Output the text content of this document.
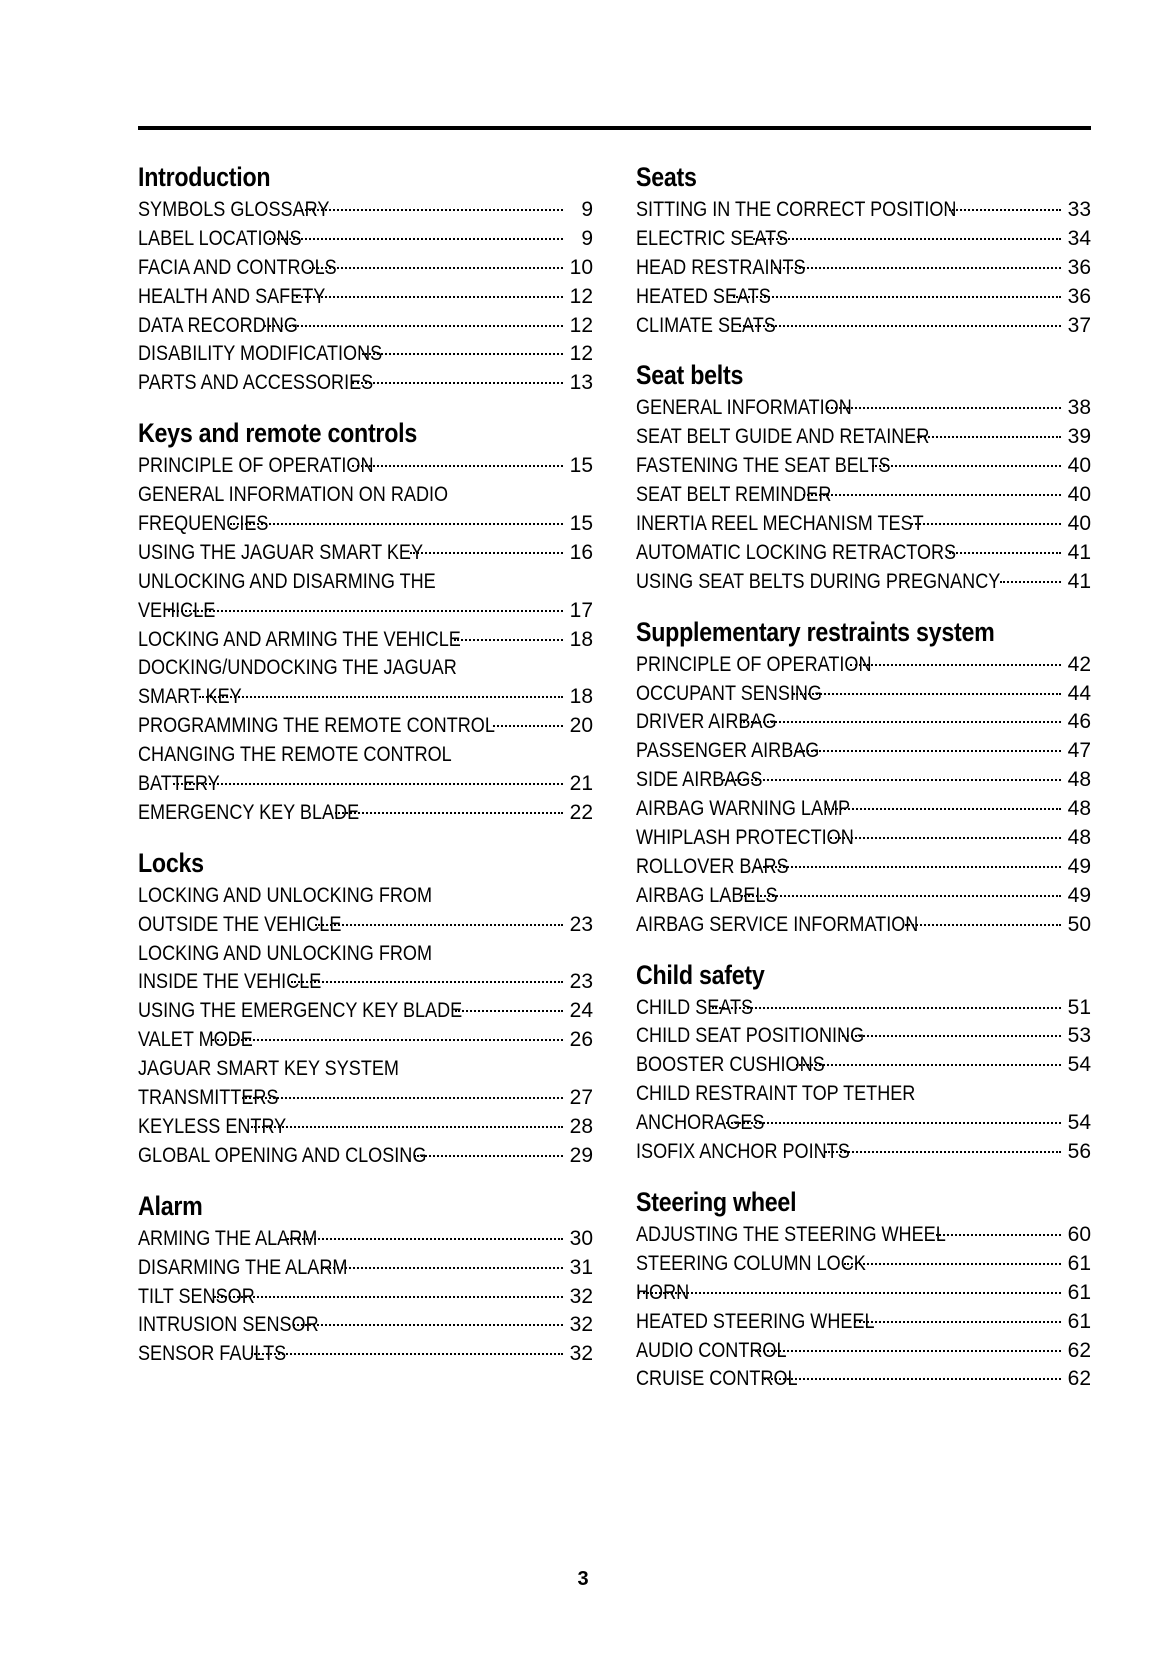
Introduction
SYMBOLS GLOSSARY	9
LABEL LOCATIONS	9
FACIA AND CONTROLS	10
HEALTH AND SAFETY	12
DATA RECORDING	12
DISABILITY MODIFICATIONS	12
PARTS AND ACCESSORIES	13
Keys and remote controls
PRINCIPLE OF OPERATION	15
GENERAL INFORMATION ON RADIO
FREQUENCIES	15
USING THE JAGUAR SMART KEY	16
UNLOCKING AND DISARMING THE
VEHICLE	17
LOCKING AND ARMING THE VEHICLE	18
DOCKING/UNDOCKING THE JAGUAR
SMART KEY	18
PROGRAMMING THE REMOTE CONTROL	20
CHANGING THE REMOTE CONTROL
BATTERY	21
EMERGENCY KEY BLADE	22
Locks
LOCKING AND UNLOCKING FROM
OUTSIDE THE VEHICLE	23
LOCKING AND UNLOCKING FROM
INSIDE THE VEHICLE	23
USING THE EMERGENCY KEY BLADE	24
VALET MODE	26
JAGUAR SMART KEY SYSTEM
TRANSMITTERS	27
KEYLESS ENTRY	28
GLOBAL OPENING AND CLOSING	29
Alarm
ARMING THE ALARM	30
DISARMING THE ALARM	31
TILT SENSOR	32
INTRUSION SENSOR	32
SENSOR FAULTS	32
Seats
SITTING IN THE CORRECT POSITION	33
ELECTRIC SEATS	34
HEAD RESTRAINTS	36
HEATED SEATS	36
CLIMATE SEATS	37
Seat belts
GENERAL INFORMATION	38
SEAT BELT GUIDE AND RETAINER	39
FASTENING THE SEAT BELTS	40
SEAT BELT REMINDER	40
INERTIA REEL MECHANISM TEST	40
AUTOMATIC LOCKING RETRACTORS	41
USING SEAT BELTS DURING PREGNANCY	41
Supplementary restraints system
PRINCIPLE OF OPERATION	42
OCCUPANT SENSING	44
DRIVER AIRBAG	46
PASSENGER AIRBAG	47
SIDE AIRBAGS	48
AIRBAG WARNING LAMP	48
WHIPLASH PROTECTION	48
ROLLOVER BARS	49
AIRBAG LABELS	49
AIRBAG SERVICE INFORMATION	50
Child safety
CHILD SEATS	51
CHILD SEAT POSITIONING	53
BOOSTER CUSHIONS	54
CHILD RESTRAINT TOP TETHER
ANCHORAGES	54
ISOFIX ANCHOR POINTS	56
Steering wheel
ADJUSTING THE STEERING WHEEL	60
STEERING COLUMN LOCK	61
HORN	61
HEATED STEERING WHEEL	61
AUDIO CONTROL	62
CRUISE CONTROL	62
3
